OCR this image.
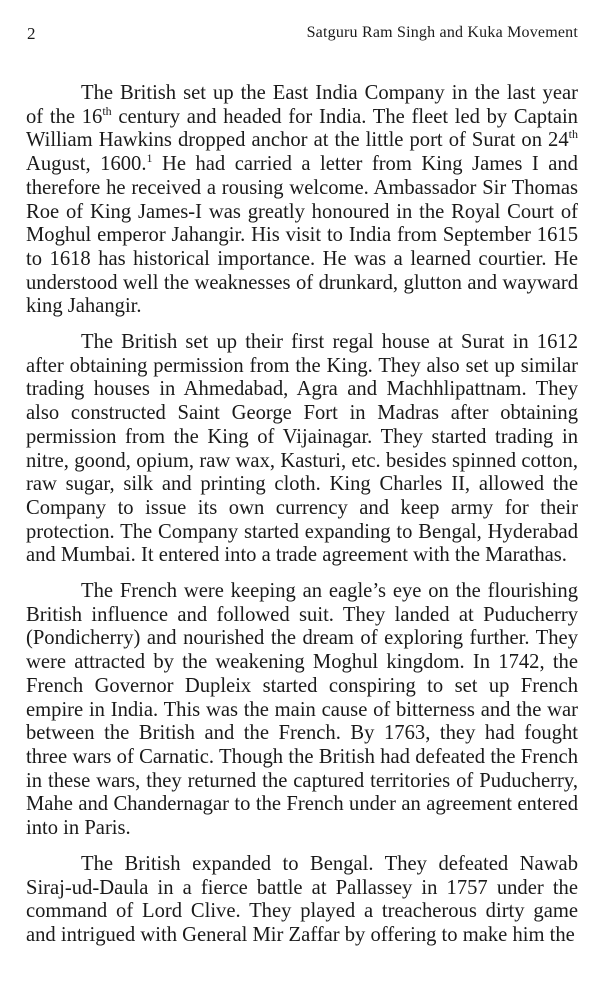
2	Satguru Ram Singh and Kuka Movement

The British set up the East India Company in the last year of the 16th century and headed for India. The fleet led by Captain William Hawkins dropped anchor at the little port of Surat on 24th August, 1600.$^1$ He had carried a letter from King James I and therefore he received a rousing welcome. Ambassador Sir Thomas Roe of King James-I was greatly honoured in the Royal Court of Moghul emperor Jahangir. His visit to India from September 1615 to 1618 has historical importance. He was a learned courtier. He understood well the weaknesses of drunkard, glutton and wayward king Jahangir.

The British set up their first regal house at Surat in 1612 after obtaining permission from the King. They also set up similar trading houses in Ahmedabad, Agra and Machhlipattnam. They also constructed Saint George Fort in Madras after obtaining permission from the King of Vijainagar. They started trading in nitre, goond, opium, raw wax, Kasturi, etc. besides spinned cotton, raw sugar, silk and printing cloth. King Charles II, allowed the Company to issue its own currency and keep army for their protection. The Company started expanding to Bengal, Hyderabad and Mumbai. It entered into a trade agreement with the Marathas.

The French were keeping an eagle’s eye on the flourishing British influence and followed suit. They landed at Puducherry (Pondicherry) and nourished the dream of exploring further. They were attracted by the weakening Moghul kingdom. In 1742, the French Governor Dupleix started conspiring to set up French empire in India. This was the main cause of bitterness and the war between the British and the French. By 1763, they had fought three wars of Carnatic. Though the British had defeated the French in these wars, they returned the captured territories of Puducherry, Mahe and Chandernagar to the French under an agreement entered into in Paris.

The British expanded to Bengal. They defeated Nawab Siraj-ud-Daula in a fierce battle at Pallassey in 1757 under the command of Lord Clive. They played a treacherous dirty game and intrigued with General Mir Zaffar by offering to make him the
